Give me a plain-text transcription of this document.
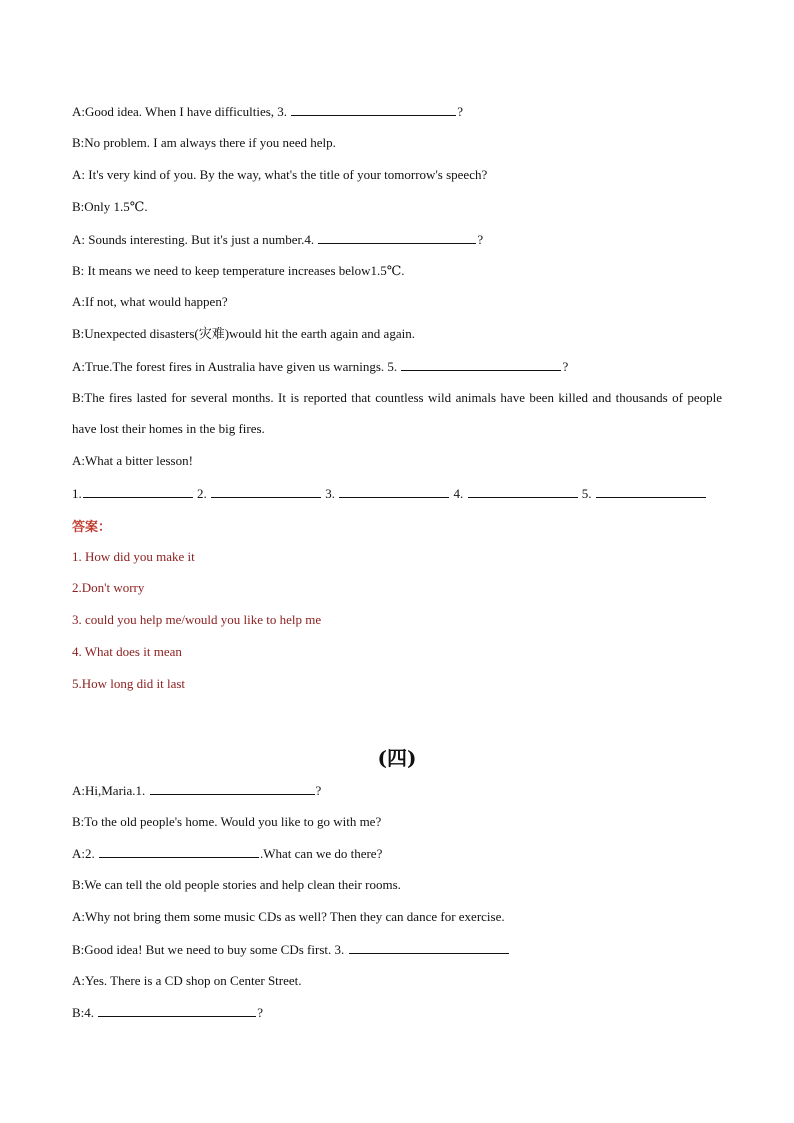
A:Good idea. When I have difficulties, 3.	?
B:No problem. I am always there if you need help.
A: It's very kind of you. By the way, what's the title of your tomorrow's speech?
B:Only 1.5℃.
A: Sounds interesting. But it's just a number.4.	?
B: It means we need to keep temperature increases below1.5℃.
A:If not, what would happen?
B:Unexpected disasters(灾难)would hit the earth again and again.
A:True.The forest fires in Australia have given us warnings. 5.	?
B:The fires lasted for several months. It is reported that countless wild animals have been killed and thousands of people have lost their homes in the big fires.
A:What a bitter lesson!
1.	2.	3.	4.	5.
答案：
1. How did you make it
2.Don't worry
3. could you help me/would you like to help me
4. What does it mean
5.How long did it last
(四)
A:Hi,Maria.1.	?
B:To the old people's home. Would you like to go with me?
A:2.	.What can we do there?
B:We can tell the old people stories and help clean their rooms.
A:Why not bring them some music CDs as well? Then they can dance for exercise.
B:Good idea! But we need to buy some CDs first. 3.
A:Yes. There is a CD shop on Center Street.
B:4.	?
